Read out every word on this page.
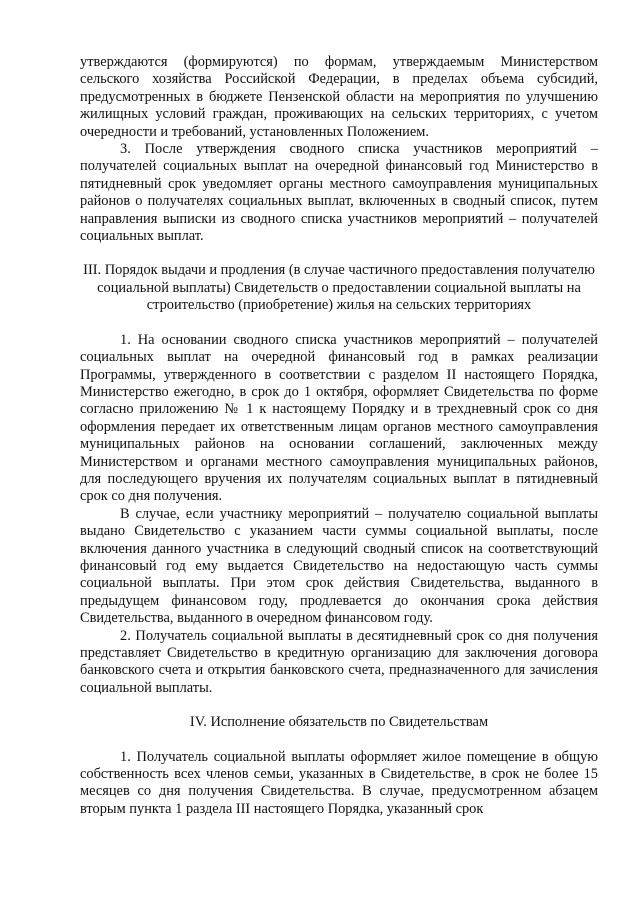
утверждаются (формируются) по формам, утверждаемым Министерством сельского хозяйства Российской Федерации, в пределах объема субсидий, предусмотренных в бюджете Пензенской области на мероприятия по улучшению жилищных условий граждан, проживающих на сельских территориях, с учетом очередности и требований, установленных Положением.

3. После утверждения сводного списка участников мероприятий – получателей социальных выплат на очередной финансовый год Министерство в пятидневный срок уведомляет органы местного самоуправления муниципальных районов о получателях социальных выплат, включенных в сводный список, путем направления выписки из сводного списка участников мероприятий – получателей социальных выплат.

III. Порядок выдачи и продления (в случае частичного предоставления получателю социальной выплаты) Свидетельств о предоставлении социальной выплаты на строительство (приобретение) жилья на сельских территориях

1. На основании сводного списка участников мероприятий – получателей социальных выплат на очередной финансовый год в рамках реализации Программы, утвержденного в соответствии с разделом II настоящего Порядка, Министерство ежегодно, в срок до 1 октября, оформляет Свидетельства по форме согласно приложению № 1 к настоящему Порядку и в трехдневный срок со дня оформления передает их ответственным лицам органов местного самоуправления муниципальных районов на основании соглашений, заключенных между Министерством и органами местного самоуправления муниципальных районов, для последующего вручения их получателям социальных выплат в пятидневный срок со дня получения.

В случае, если участнику мероприятий – получателю социальной выплаты выдано Свидетельство с указанием части суммы социальной выплаты, после включения данного участника в следующий сводный список на соответствующий финансовый год ему выдается Свидетельство на недостающую часть суммы социальной выплаты. При этом срок действия Свидетельства, выданного в предыдущем финансовом году, продлевается до окончания срока действия Свидетельства, выданного в очередном финансовом году.

2. Получатель социальной выплаты в десятидневный срок со дня получения представляет Свидетельство в кредитную организацию для заключения договора банковского счета и открытия банковского счета, предназначенного для зачисления социальной выплаты.

IV. Исполнение обязательств по Свидетельствам

1. Получатель социальной выплаты оформляет жилое помещение в общую собственность всех членов семьи, указанных в Свидетельстве, в срок не более 15 месяцев со дня получения Свидетельства. В случае, предусмотренном абзацем вторым пункта 1 раздела III настоящего Порядка, указанный срок
